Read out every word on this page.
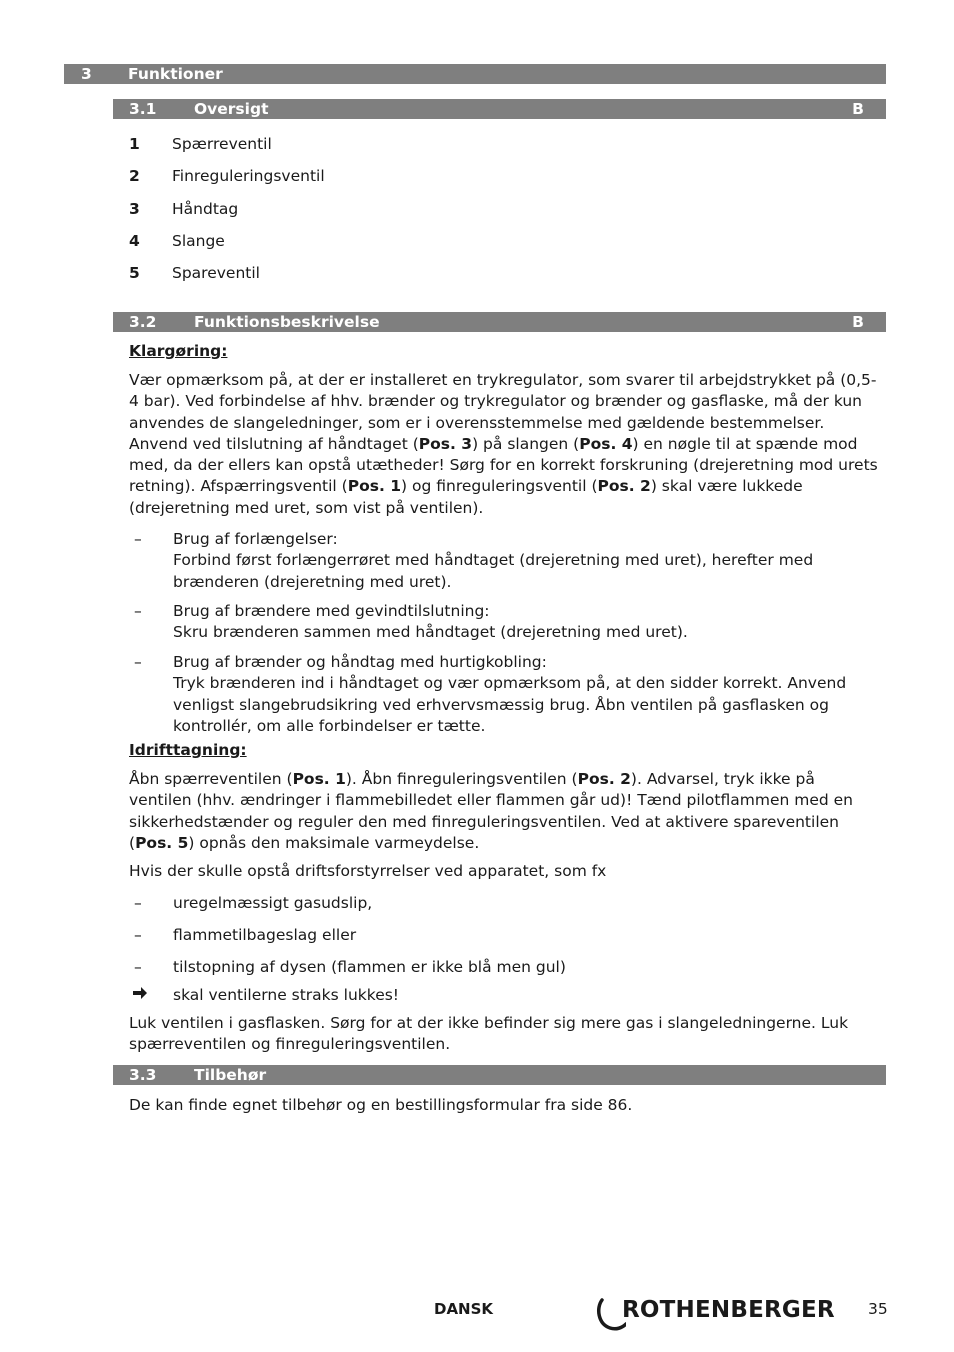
3 Funktioner
3.1 Oversigt	B
1	Spærreventil
2	Finreguleringsventil
3	Håndtag
4	Slange
5	Spareventil
3.2 Funktionsbeskrivelse	B
Klargøring:
Vær opmærksom på, at der er installeret en trykregulator, som svarer til arbejdstrykket på (0,5-4 bar). Ved forbindelse af hhv. brænder og trykregulator og brænder og gasflaske, må der kun anvendes de slangeledninger, som er i overensstemmelse med gældende bestemmelser. Anvend ved tilslutning af håndtaget (Pos. 3) på slangen (Pos. 4) en nøgle til at spænde mod med, da der ellers kan opstå utætheder! Sørg for en korrekt forskruning (drejeretning mod urets retning). Afspærringsventil (Pos. 1) og finreguleringsventil (Pos. 2) skal være lukkede (drejeretning med uret, som vist på ventilen).
– Brug af forlængelser:
Forbind først forlængerrøret med håndtaget (drejeretning med uret), herefter med brænderen (drejeretning med uret).
– Brug af brændere med gevindtilslutning:
Skru brænderen sammen med håndtaget (drejeretning med uret).
– Brug af brænder og håndtag med hurtigkobling:
Tryk brænderen ind i håndtaget og vær opmærksom på, at den sidder korrekt. Anvend venligst slangebrudsikring ved erhvervsmæssig brug. Åbn ventilen på gasflasken og kontrollér, om alle forbindelser er tætte.
Idrifttagning:
Åbn spærreventilen (Pos. 1). Åbn finreguleringsventilen (Pos. 2). Advarsel, tryk ikke på ventilen (hhv. ændringer i flammebilledet eller flammen går ud)! Tænd pilotflammen med en sikkerhedstænder og reguler den med finreguleringsventilen. Ved at aktivere spareventilen (Pos. 5) opnås den maksimale varmeydelse.
Hvis der skulle opstå driftsforstyrrelser ved apparatet, som fx
– uregelmæssigt gasudslip,
– flammetilbageslag eller
– tilstopning af dysen (flammen er ikke blå men gul)
skal ventilerne straks lukkes!
Luk ventilen i gasflasken. Sørg for at der ikke befinder sig mere gas i slangeledningerne. Luk spærreventilen og finreguleringsventilen.
3.3 Tilbehør
De kan finde egnet tilbehør og en bestillingsformular fra side 86.
DANSK	ROTHENBERGER 35
